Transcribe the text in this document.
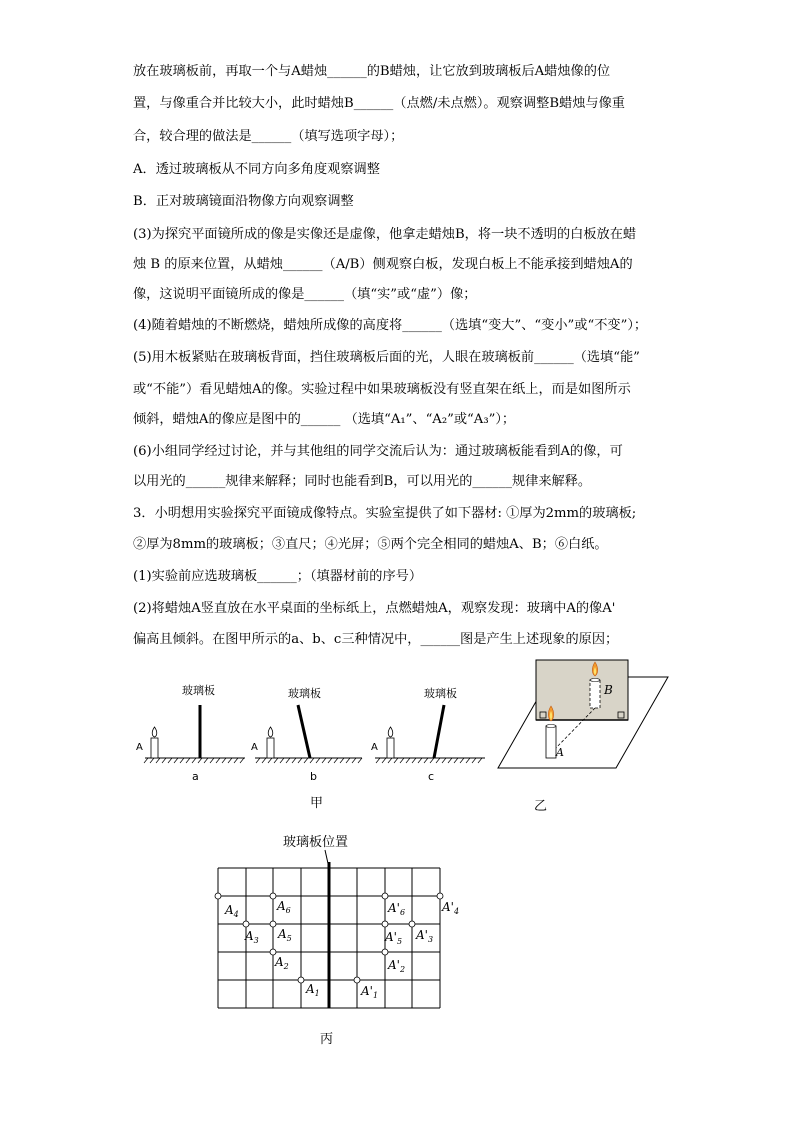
放在玻璃板前，再取一个与A蜡烛______的B蜡烛，让它放到玻璃板后A蜡烛像的位
置，与像重合并比较大小，此时蜡烛B______（点燃/未点燃）。观察调整B蜡烛与像重
合，较合理的做法是______（填写选项字母）；
A．透过玻璃板从不同方向多角度观察调整
B．正对玻璃镜面沿物像方向观察调整
(3)为探究平面镜所成的像是实像还是虚像，他拿走蜡烛B，将一块不透明的白板放在蜡
烛 B 的原来位置，从蜡烛______（A/B）侧观察白板，发现白板上不能承接到蜡烛A的
像，这说明平面镜所成的像是______（填“实”或“虚”）像；
(4)随着蜡烛的不断燃烧，蜡烛所成像的高度将______（选填“变大”、“变小”或“不变”）；
(5)用木板紧贴在玻璃板背面，挡住玻璃板后面的光，人眼在玻璃板前______（选填“能”
或“不能”）看见蜡烛A的像。实验过程中如果玻璃板没有竖直架在纸上，而是如图所示
倾斜，蜡烛A的像应是图中的______ （选填“A₁”、“A₂”或“A₃”）；
(6)小组同学经过讨论，并与其他组的同学交流后认为：通过玻璃板能看到A的像，可
以用光的______规律来解释；同时也能看到B，可以用光的______规律来解释。
3．小明想用实验探究平面镜成像特点。实验室提供了如下器材: ①厚为2mm的玻璃板;
②厚为8mm的玻璃板；③直尺；④光屏；⑤两个完全相同的蜡烛A、B；⑥白纸。
(1)实验前应选玻璃板______；（填器材前的序号）
(2)将蜡烛A竖直放在水平桌面的坐标纸上，点燃蜡烛A，观察发现：玻璃中A的像A'
偏高且倾斜。在图甲所示的a、b、c三种情况中，______图是产生上述现象的原因；
玻璃板
A
a
玻璃板
A
b
玻璃板
A
c
甲
B
A
乙
玻璃板位置
$A_4$
$A_6$
$A_3$ $A_5$
$A_2$
$A_1$
$A'_6$	$A'_4$
$A'_5$ $A'_3$
$A'_2$
$A'_1$
丙
